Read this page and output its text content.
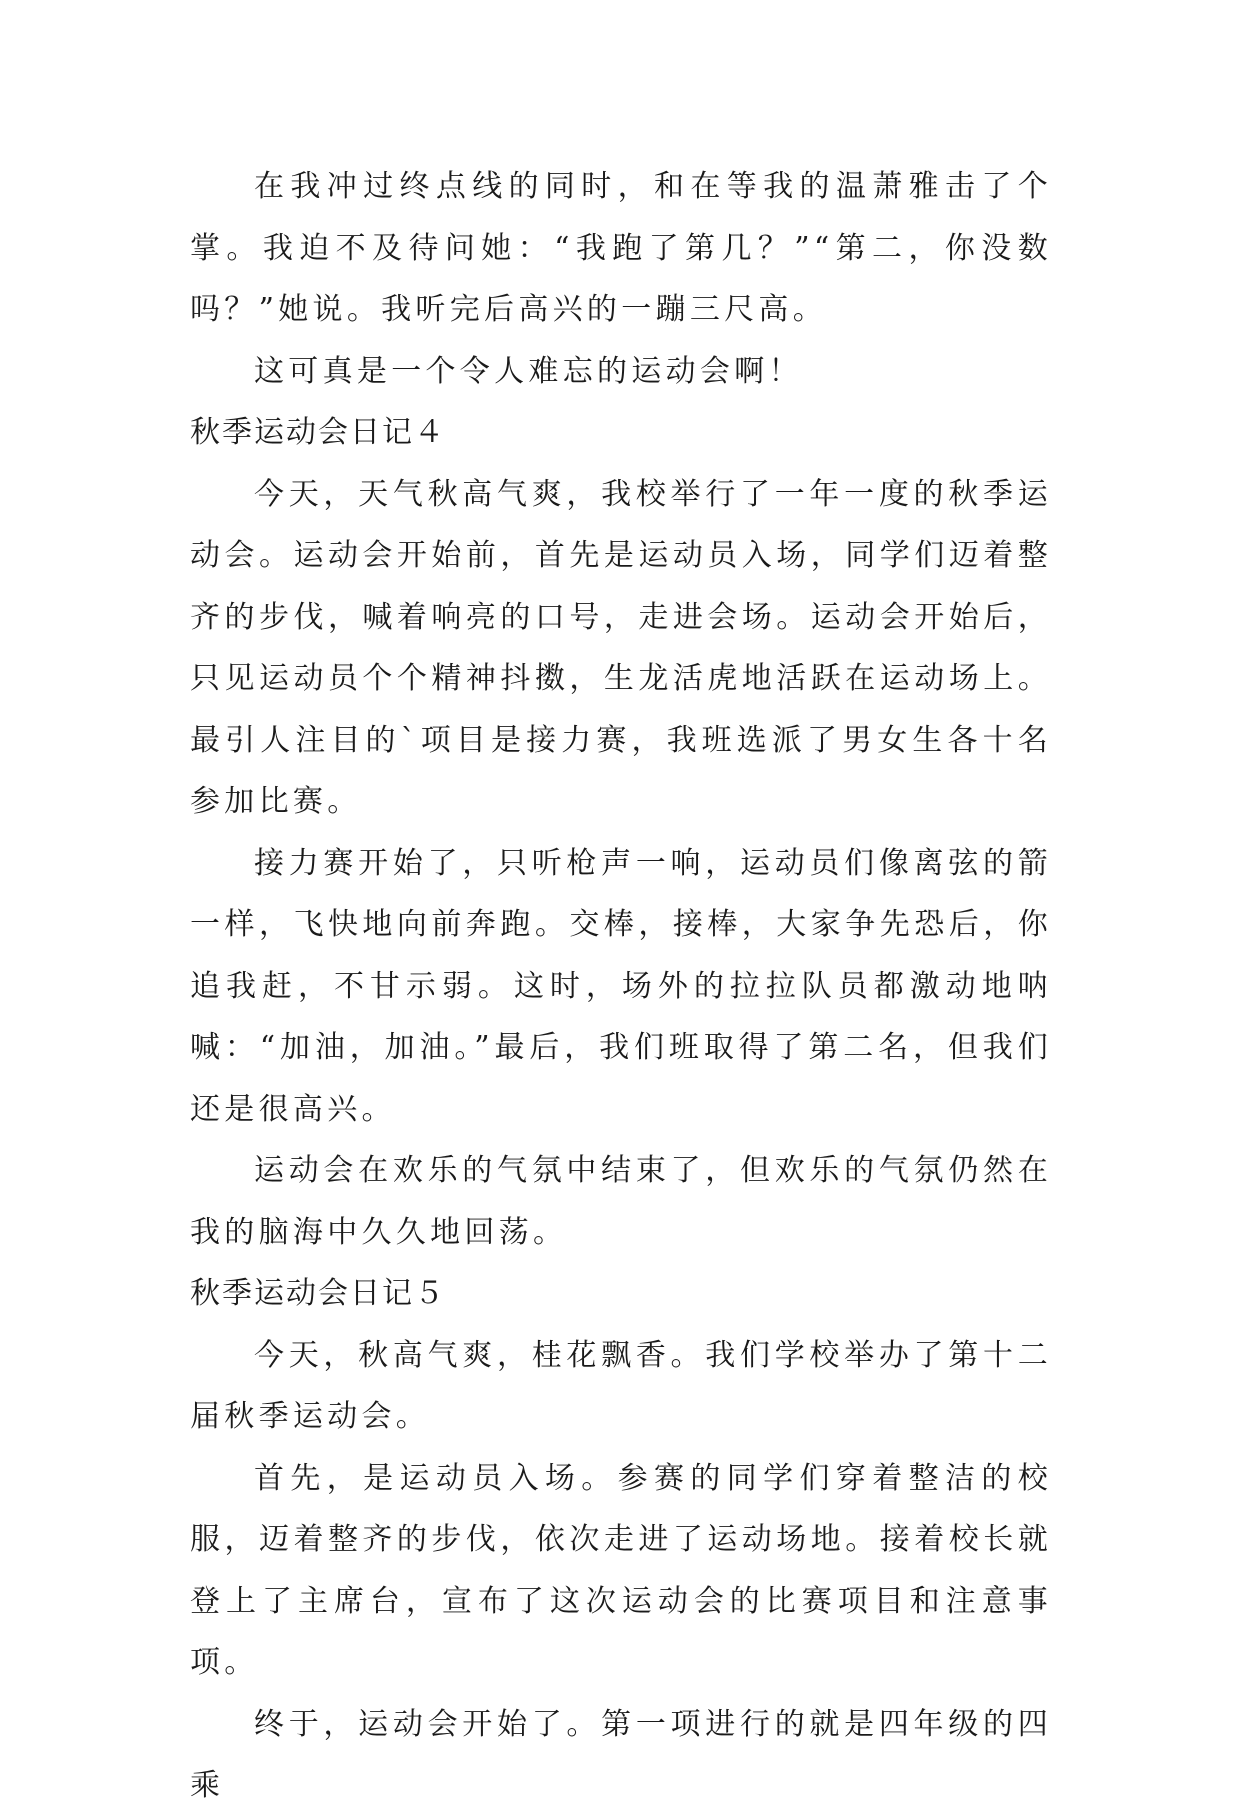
在我冲过终点线的同时，和在等我的温萧雅击了个掌。我迫不及待问她：“我跑了第几？”“第二，你没数吗？”她说。我听完后高兴的一蹦三尺高。

这可真是一个令人难忘的运动会啊！

秋季运动会日记４

今天，天气秋高气爽，我校举行了一年一度的秋季运动会。运动会开始前，首先是运动员入场，同学们迈着整齐的步伐，喊着响亮的口号，走进会场。运动会开始后，只见运动员个个精神抖擞，生龙活虎地活跃在运动场上。最引人注目的`项目是接力赛，我班选派了男女生各十名参加比赛。

接力赛开始了，只听枪声一响，运动员们像离弦的箭一样，飞快地向前奔跑。交棒，接棒，大家争先恐后，你追我赶，不甘示弱。这时，场外的拉拉队员都激动地呐喊：“加油，加油。”最后，我们班取得了第二名，但我们还是很高兴。

运动会在欢乐的气氛中结束了，但欢乐的气氛仍然在我的脑海中久久地回荡。

秋季运动会日记５

今天，秋高气爽，桂花飘香。我们学校举办了第十二届秋季运动会。

首先，是运动员入场。参赛的同学们穿着整洁的校服，迈着整齐的步伐，依次走进了运动场地。接着校长就登上了主席台，宣布了这次运动会的比赛项目和注意事项。

终于，运动会开始了。第一项进行的就是四年级的四乘
